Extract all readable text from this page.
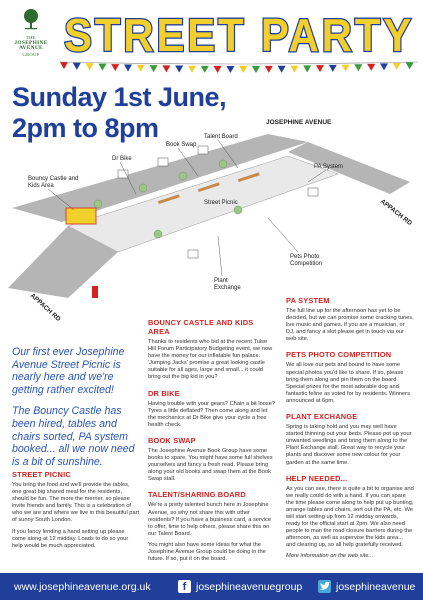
THE
JOSEPHINE
AVENUE
GROUP STREET PARTY
Sunday 1st June,
2pm to 8pm	JOSEPHINE AVENUE
APPACH RD
APPACH RD
Talent Board
Book Swap
Dr Bike
Bouncy Castle and
Kids Area
PA System
Street Picnic
Pets Photo
Competition
Plant
Exchange

Our first ever Josephine Avenue Street Picnic is nearly here and we're getting rather excited!

The Bouncy Castle has been hired, tables and chairs sorted, PA system booked... all we now need is a bit of sunshine.

STREET PICNIC

You bring the food and we'll provide the tables, one great big shared meal for the residents, should be fun. The more the merrier, so please invite friends and family. This is a celebration of who we are and where we live in this beautiful part of sunny South London.

If you fancy lending a hand setting up please come along at 12 midday. Loads to do so your help would be much appreciated.

BOUNCY CASTLE AND KIDS AREA

Thanks to residents who bid at the recent Tulse Hill Forum Participatory Budgeting event, we now have the money for our inflatable fun palace. 'Jumping Jacks' promise a great looking castle suitable for all ages, large and small... it could bring out the big kid in you?

DR BIKE

Having trouble with your gears? Chain a bit loose? Tyres a little deflated? Then come along and let the mechanics at Dr Bike give your cycle a free health check.

BOOK SWAP

The Josephine Avenue Book Group have some books to spare. You might have some full shelves yourselves and fancy a fresh read. Please bring along your old books and swap them at the Book Swap stall.

TALENT/SHARING BOARD

We're a pretty talented bunch here in Josephine Avenue, so why not share this with other residents? If you have a business card, a service to offer, time to help others, please share this on our Talent Board.

You might also have some ideas for what the Josephine Avenue Group could be doing in the future. If so, put it on the board.

PA SYSTEM

The full line up for the afternoon has yet to be decided, but we can promise some cracking tunes, live music and games. If you are a musician, or DJ, and fancy a slot please get in touch via our web site.

PETS PHOTO COMPETITION

We all love our pets and bound to have some special photos you'd like to share. If so, please bring them along and pin them on the board. Special prizes for the most adorable dog and fantastic feline as voted for by residents. Winners announced at 6pm.

PLANT EXCHANGE

Spring is taking hold and you may well have started thinning out your beds. Please pot up your unwanted seedlings and bring them along to the Plant Exchange stall. Great way to recycle your plants and discover some new colour for your garden at the same time.

HELP NEEDED...

As you can see, there is quite a bit to organise and we really could do with a hand. If you can spare the time please come along to help put up bunting, arrange tables and chairs, sort out the PA, etc. We will start setting up from 12 midday onwards, ready for the official start at 2pm. We also need people to man the road closure barriers during the afternoon, as well as supervise the kids area... and clearing up, so all help gratefully received.

More information on the web site...

www.josephineavenue.org.uk	f josephineavenuegroup	josephineavenue
